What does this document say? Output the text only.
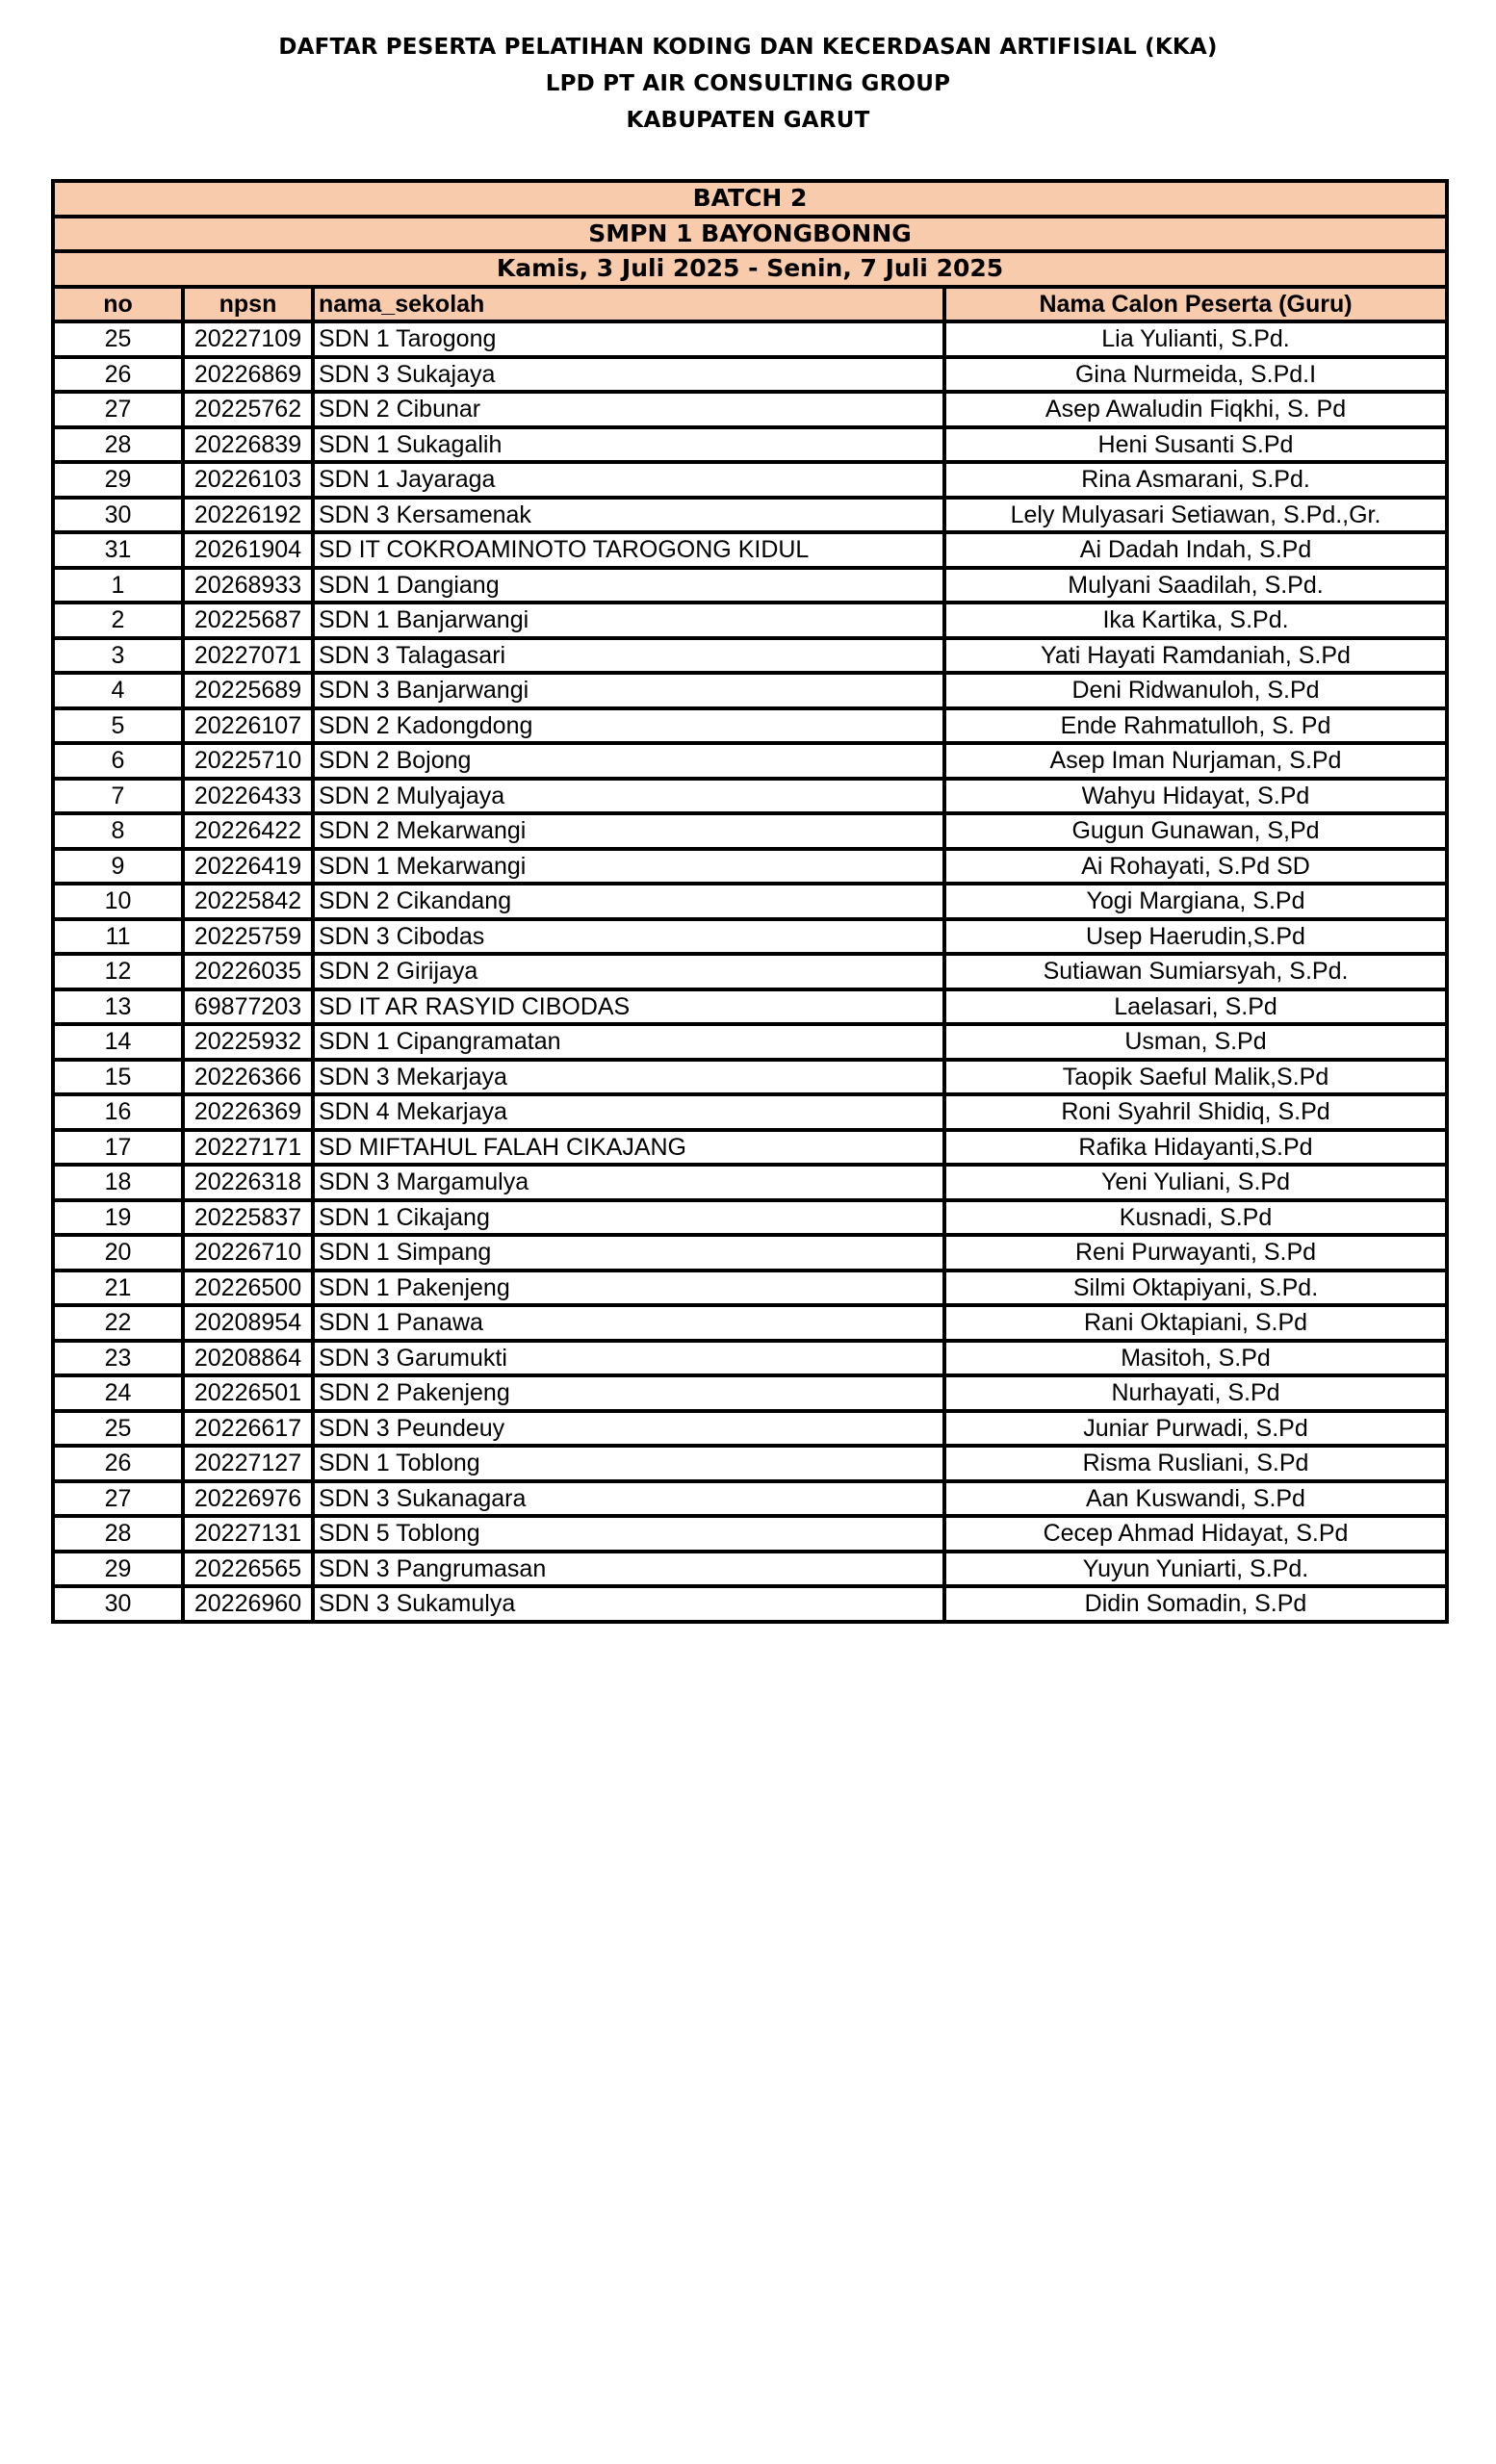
DAFTAR PESERTA PELATIHAN KODING DAN KECERDASAN ARTIFISIAL (KKA)
LPD PT AIR CONSULTING GROUP
KABUPATEN GARUT
BATCH 2			
SMPN 1 BAYONGBONNG			
Kamis, 3 Juli 2025 - Senin, 7 Juli 2025			
no	npsn	nama_sekolah	Nama Calon Peserta (Guru)
25	20227109	SDN 1 Tarogong	Lia Yulianti, S.Pd.
26	20226869	SDN 3 Sukajaya	Gina Nurmeida, S.Pd.I
27	20225762	SDN 2 Cibunar	Asep Awaludin Fiqkhi, S. Pd
28	20226839	SDN 1 Sukagalih	Heni Susanti S.Pd
29	20226103	SDN 1 Jayaraga	Rina Asmarani, S.Pd.
30	20226192	SDN 3 Kersamenak	Lely Mulyasari Setiawan, S.Pd.,Gr.
31	20261904	SD IT COKROAMINOTO TAROGONG KIDUL	Ai Dadah Indah, S.Pd
1	20268933	SDN 1 Dangiang	Mulyani Saadilah, S.Pd.
2	20225687	SDN 1 Banjarwangi	Ika Kartika, S.Pd.
3	20227071	SDN 3 Talagasari	Yati Hayati Ramdaniah, S.Pd
4	20225689	SDN 3 Banjarwangi	Deni Ridwanuloh, S.Pd
5	20226107	SDN 2 Kadongdong	Ende Rahmatulloh, S. Pd
6	20225710	SDN 2 Bojong	Asep Iman Nurjaman, S.Pd
7	20226433	SDN 2 Mulyajaya	Wahyu Hidayat, S.Pd
8	20226422	SDN 2 Mekarwangi	Gugun Gunawan, S,Pd
9	20226419	SDN 1 Mekarwangi	Ai Rohayati, S.Pd SD
10	20225842	SDN 2 Cikandang	Yogi Margiana, S.Pd
11	20225759	SDN 3 Cibodas	Usep Haerudin,S.Pd
12	20226035	SDN 2 Girijaya	Sutiawan Sumiarsyah, S.Pd.
13	69877203	SD IT AR RASYID CIBODAS	Laelasari, S.Pd
14	20225932	SDN 1 Cipangramatan	Usman, S.Pd
15	20226366	SDN 3 Mekarjaya	Taopik Saeful Malik,S.Pd
16	20226369	SDN 4 Mekarjaya	Roni Syahril Shidiq, S.Pd
17	20227171	SD MIFTAHUL FALAH CIKAJANG	Rafika Hidayanti,S.Pd
18	20226318	SDN 3 Margamulya	Yeni Yuliani, S.Pd
19	20225837	SDN 1 Cikajang	Kusnadi, S.Pd
20	20226710	SDN 1 Simpang	Reni Purwayanti, S.Pd
21	20226500	SDN 1 Pakenjeng	Silmi Oktapiyani, S.Pd.
22	20208954	SDN 1 Panawa	Rani Oktapiani, S.Pd
23	20208864	SDN 3 Garumukti	Masitoh, S.Pd
24	20226501	SDN 2 Pakenjeng	Nurhayati, S.Pd
25	20226617	SDN 3 Peundeuy	Juniar Purwadi, S.Pd
26	20227127	SDN 1 Toblong	Risma Rusliani, S.Pd
27	20226976	SDN 3 Sukanagara	Aan Kuswandi, S.Pd
28	20227131	SDN 5 Toblong	Cecep Ahmad Hidayat, S.Pd
29	20226565	SDN 3 Pangrumasan	Yuyun Yuniarti, S.Pd.
30	20226960	SDN 3 Sukamulya	Didin Somadin, S.Pd
